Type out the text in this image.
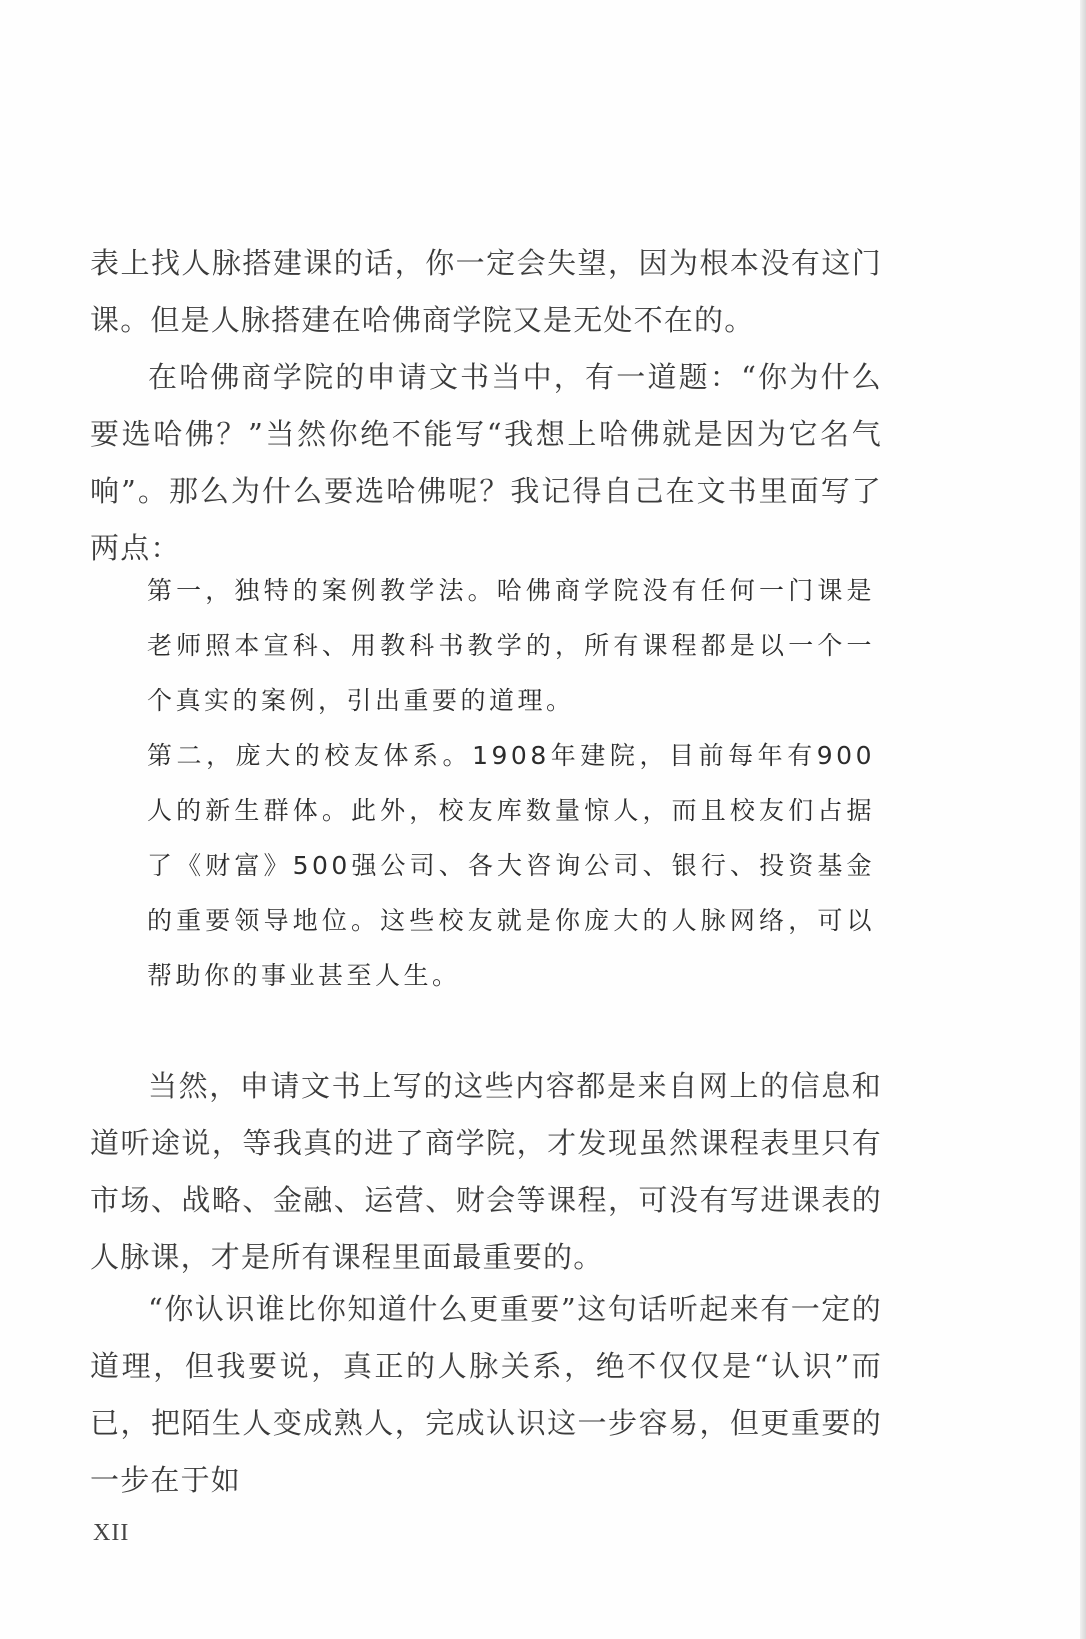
表上找人脉搭建课的话，你一定会失望，因为根本没有这门课。但是人脉搭建在哈佛商学院又是无处不在的。

在哈佛商学院的申请文书当中，有一道题：“你为什么要选哈佛？”当然你绝不能写“我想上哈佛就是因为它名气响”。那么为什么要选哈佛呢？我记得自己在文书里面写了两点：

第一，独特的案例教学法。哈佛商学院没有任何一门课是老师照本宣科、用教科书教学的，所有课程都是以一个一个真实的案例，引出重要的道理。

第二，庞大的校友体系。1908年建院，目前每年有900人的新生群体。此外，校友库数量惊人，而且校友们占据了《财富》500强公司、各大咨询公司、银行、投资基金的重要领导地位。这些校友就是你庞大的人脉网络，可以帮助你的事业甚至人生。

当然，申请文书上写的这些内容都是来自网上的信息和道听途说，等我真的进了商学院，才发现虽然课程表里只有市场、战略、金融、运营、财会等课程，可没有写进课表的人脉课，才是所有课程里面最重要的。

“你认识谁比你知道什么更重要”这句话听起来有一定的道理，但我要说，真正的人脉关系，绝不仅仅是“认识”而已，把陌生人变成熟人，完成认识这一步容易，但更重要的一步在于如

XII
